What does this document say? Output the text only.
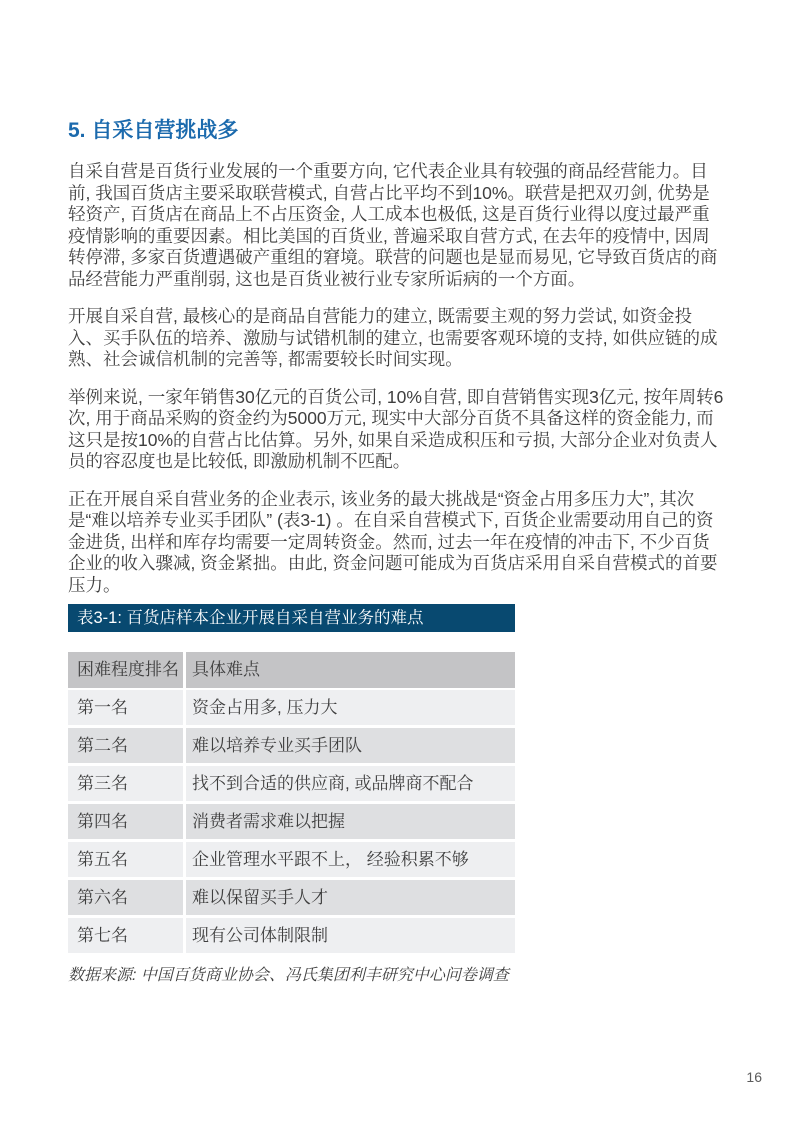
5. 自采自营挑战多

自采自营是百货行业发展的一个重要方向, 它代表企业具有较强的商品经营能力。目前, 我国百货店主要采取联营模式, 自营占比平均不到10%。联营是把双刃剑, 优势是轻资产, 百货店在商品上不占压资金, 人工成本也极低, 这是百货行业得以度过最严重疫情影响的重要因素。相比美国的百货业, 普遍采取自营方式, 在去年的疫情中, 因周转停滞, 多家百货遭遇破产重组的窘境。联营的问题也是显而易见, 它导致百货店的商品经营能力严重削弱, 这也是百货业被行业专家所诟病的一个方面。

开展自采自营, 最核心的是商品自营能力的建立, 既需要主观的努力尝试, 如资金投入、买手队伍的培养、激励与试错机制的建立, 也需要客观环境的支持, 如供应链的成熟、社会诚信机制的完善等, 都需要较长时间实现。

举例来说, 一家年销售30亿元的百货公司, 10%自营, 即自营销售实现3亿元, 按年周转6次, 用于商品采购的资金约为5000万元, 现实中大部分百货不具备这样的资金能力, 而这只是按10%的自营占比估算。另外, 如果自采造成积压和亏损, 大部分企业对负责人员的容忍度也是比较低, 即激励机制不匹配。

正在开展自采自营业务的企业表示, 该业务的最大挑战是“资金占用多压力大”, 其次是“难以培养专业买手团队” (表3-1) 。在自采自营模式下, 百货企业需要动用自己的资金进货, 出样和库存均需要一定周转资金。然而, 过去一年在疫情的冲击下, 不少百货企业的收入骤减, 资金紧拙。由此, 资金问题可能成为百货店采用自采自营模式的首要压力。

表3-1: 百货店样本企业开展自采自营业务的难点
困难程度排名 具体难点
第一名	资金占用多, 压力大
第二名	难以培养专业买手团队
第三名	找不到合适的供应商, 或品牌商不配合
第四名	消费者需求难以把握
第五名	企业管理水平跟不上， 经验积累不够
第六名	难以保留买手人才
第七名	现有公司体制限制
数据来源: 中国百货商业协会、冯氏集团利丰研究中心问卷调查
16
